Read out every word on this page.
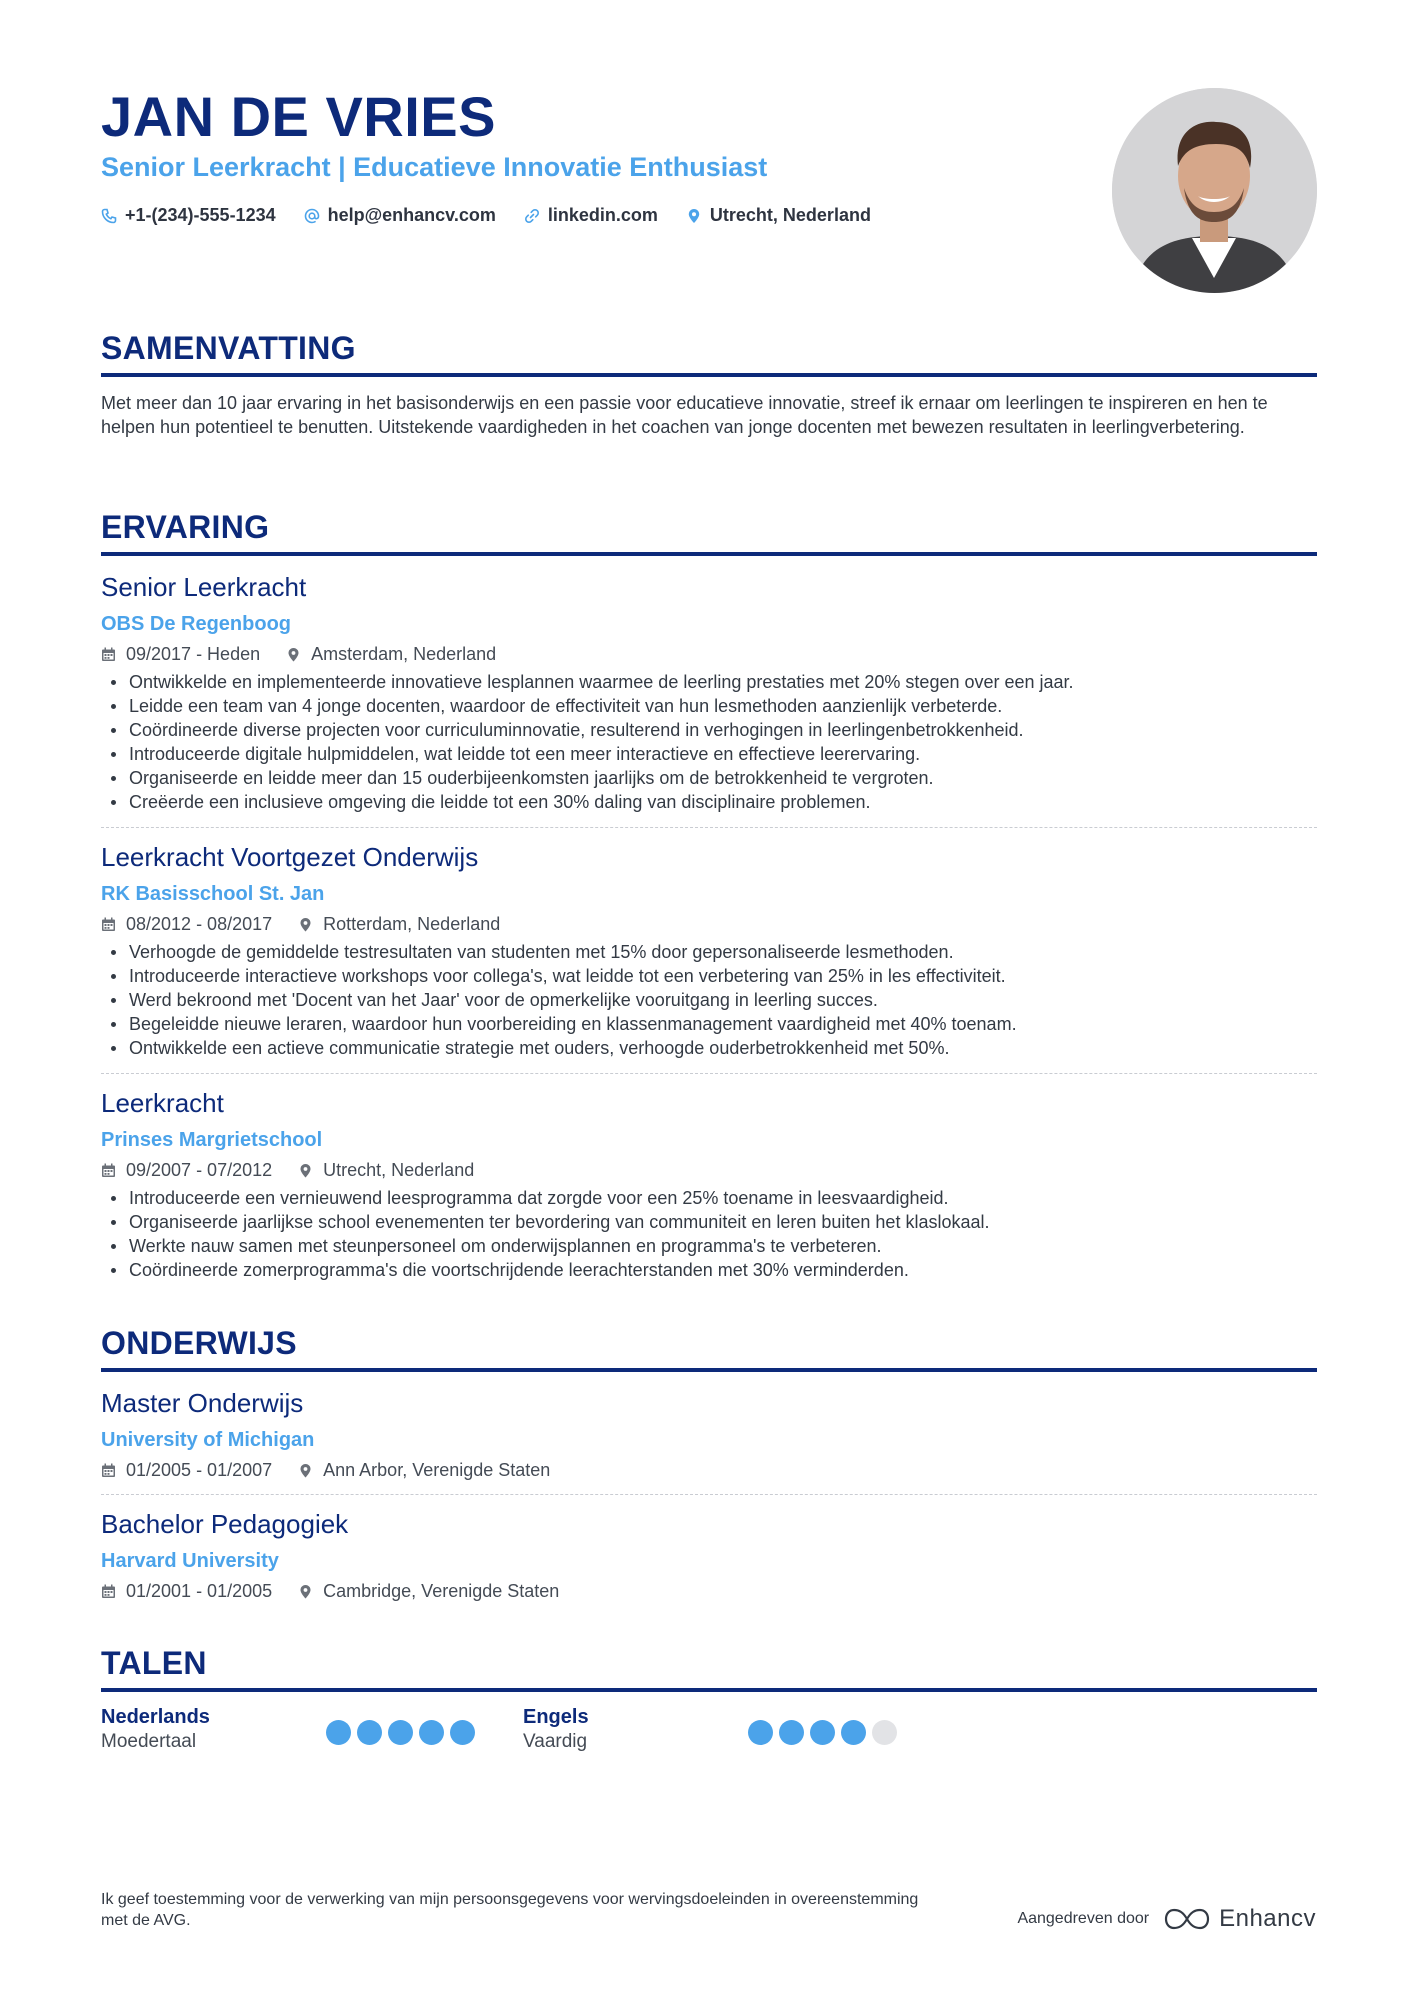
JAN DE VRIES
Senior Leerkracht | Educatieve Innovatie Enthusiast
+1-(234)-555-1234	help@enhancv.com	linkedin.com	Utrecht, Nederland
SAMENVATTING

Met meer dan 10 jaar ervaring in het basisonderwijs en een passie voor educatieve innovatie, streef ik ernaar om leerlingen te inspireren en hen te helpen hun potentieel te benutten. Uitstekende vaardigheden in het coachen van jonge docenten met bewezen resultaten in leerlingverbetering.

ERVARING
Senior Leerkracht
OBS De Regenboog
09/2017 - Heden	Amsterdam, Nederland
Ontwikkelde en implementeerde innovatieve lesplannen waarmee de leerling prestaties met 20% stegen over een jaar.
Leidde een team van 4 jonge docenten, waardoor de effectiviteit van hun lesmethoden aanzienlijk verbeterde.
Coördineerde diverse projecten voor curriculuminnovatie, resulterend in verhogingen in leerlingenbetrokkenheid.
Introduceerde digitale hulpmiddelen, wat leidde tot een meer interactieve en effectieve leerervaring.
Organiseerde en leidde meer dan 15 ouderbijeenkomsten jaarlijks om de betrokkenheid te vergroten.
Creëerde een inclusieve omgeving die leidde tot een 30% daling van disciplinaire problemen.
Leerkracht Voortgezet Onderwijs
RK Basisschool St. Jan
08/2012 - 08/2017	Rotterdam, Nederland
Verhoogde de gemiddelde testresultaten van studenten met 15% door gepersonaliseerde lesmethoden.
Introduceerde interactieve workshops voor collega's, wat leidde tot een verbetering van 25% in les effectiviteit.
Werd bekroond met 'Docent van het Jaar' voor de opmerkelijke vooruitgang in leerling succes.
Begeleidde nieuwe leraren, waardoor hun voorbereiding en klassenmanagement vaardigheid met 40% toenam.
Ontwikkelde een actieve communicatie strategie met ouders, verhoogde ouderbetrokkenheid met 50%.
Leerkracht
Prinses Margrietschool
09/2007 - 07/2012	Utrecht, Nederland
Introduceerde een vernieuwend leesprogramma dat zorgde voor een 25% toename in leesvaardigheid.
Organiseerde jaarlijkse school evenementen ter bevordering van communiteit en leren buiten het klaslokaal.
Werkte nauw samen met steunpersoneel om onderwijsplannen en programma's te verbeteren.
Coördineerde zomerprogramma's die voortschrijdende leerachterstanden met 30% verminderden.
ONDERWIJS
Master Onderwijs
University of Michigan
01/2005 - 01/2007	Ann Arbor, Verenigde Staten
Bachelor Pedagogiek
Harvard University
01/2001 - 01/2005	Cambridge, Verenigde Staten
TALEN
Nederlands
Moedertaal
Engels
Vaardig
Ik geef toestemming voor de verwerking van mijn persoonsgegevens voor wervingsdoeleinden in overeenstemming met de AVG.	Aangedreven door	Enhancv
